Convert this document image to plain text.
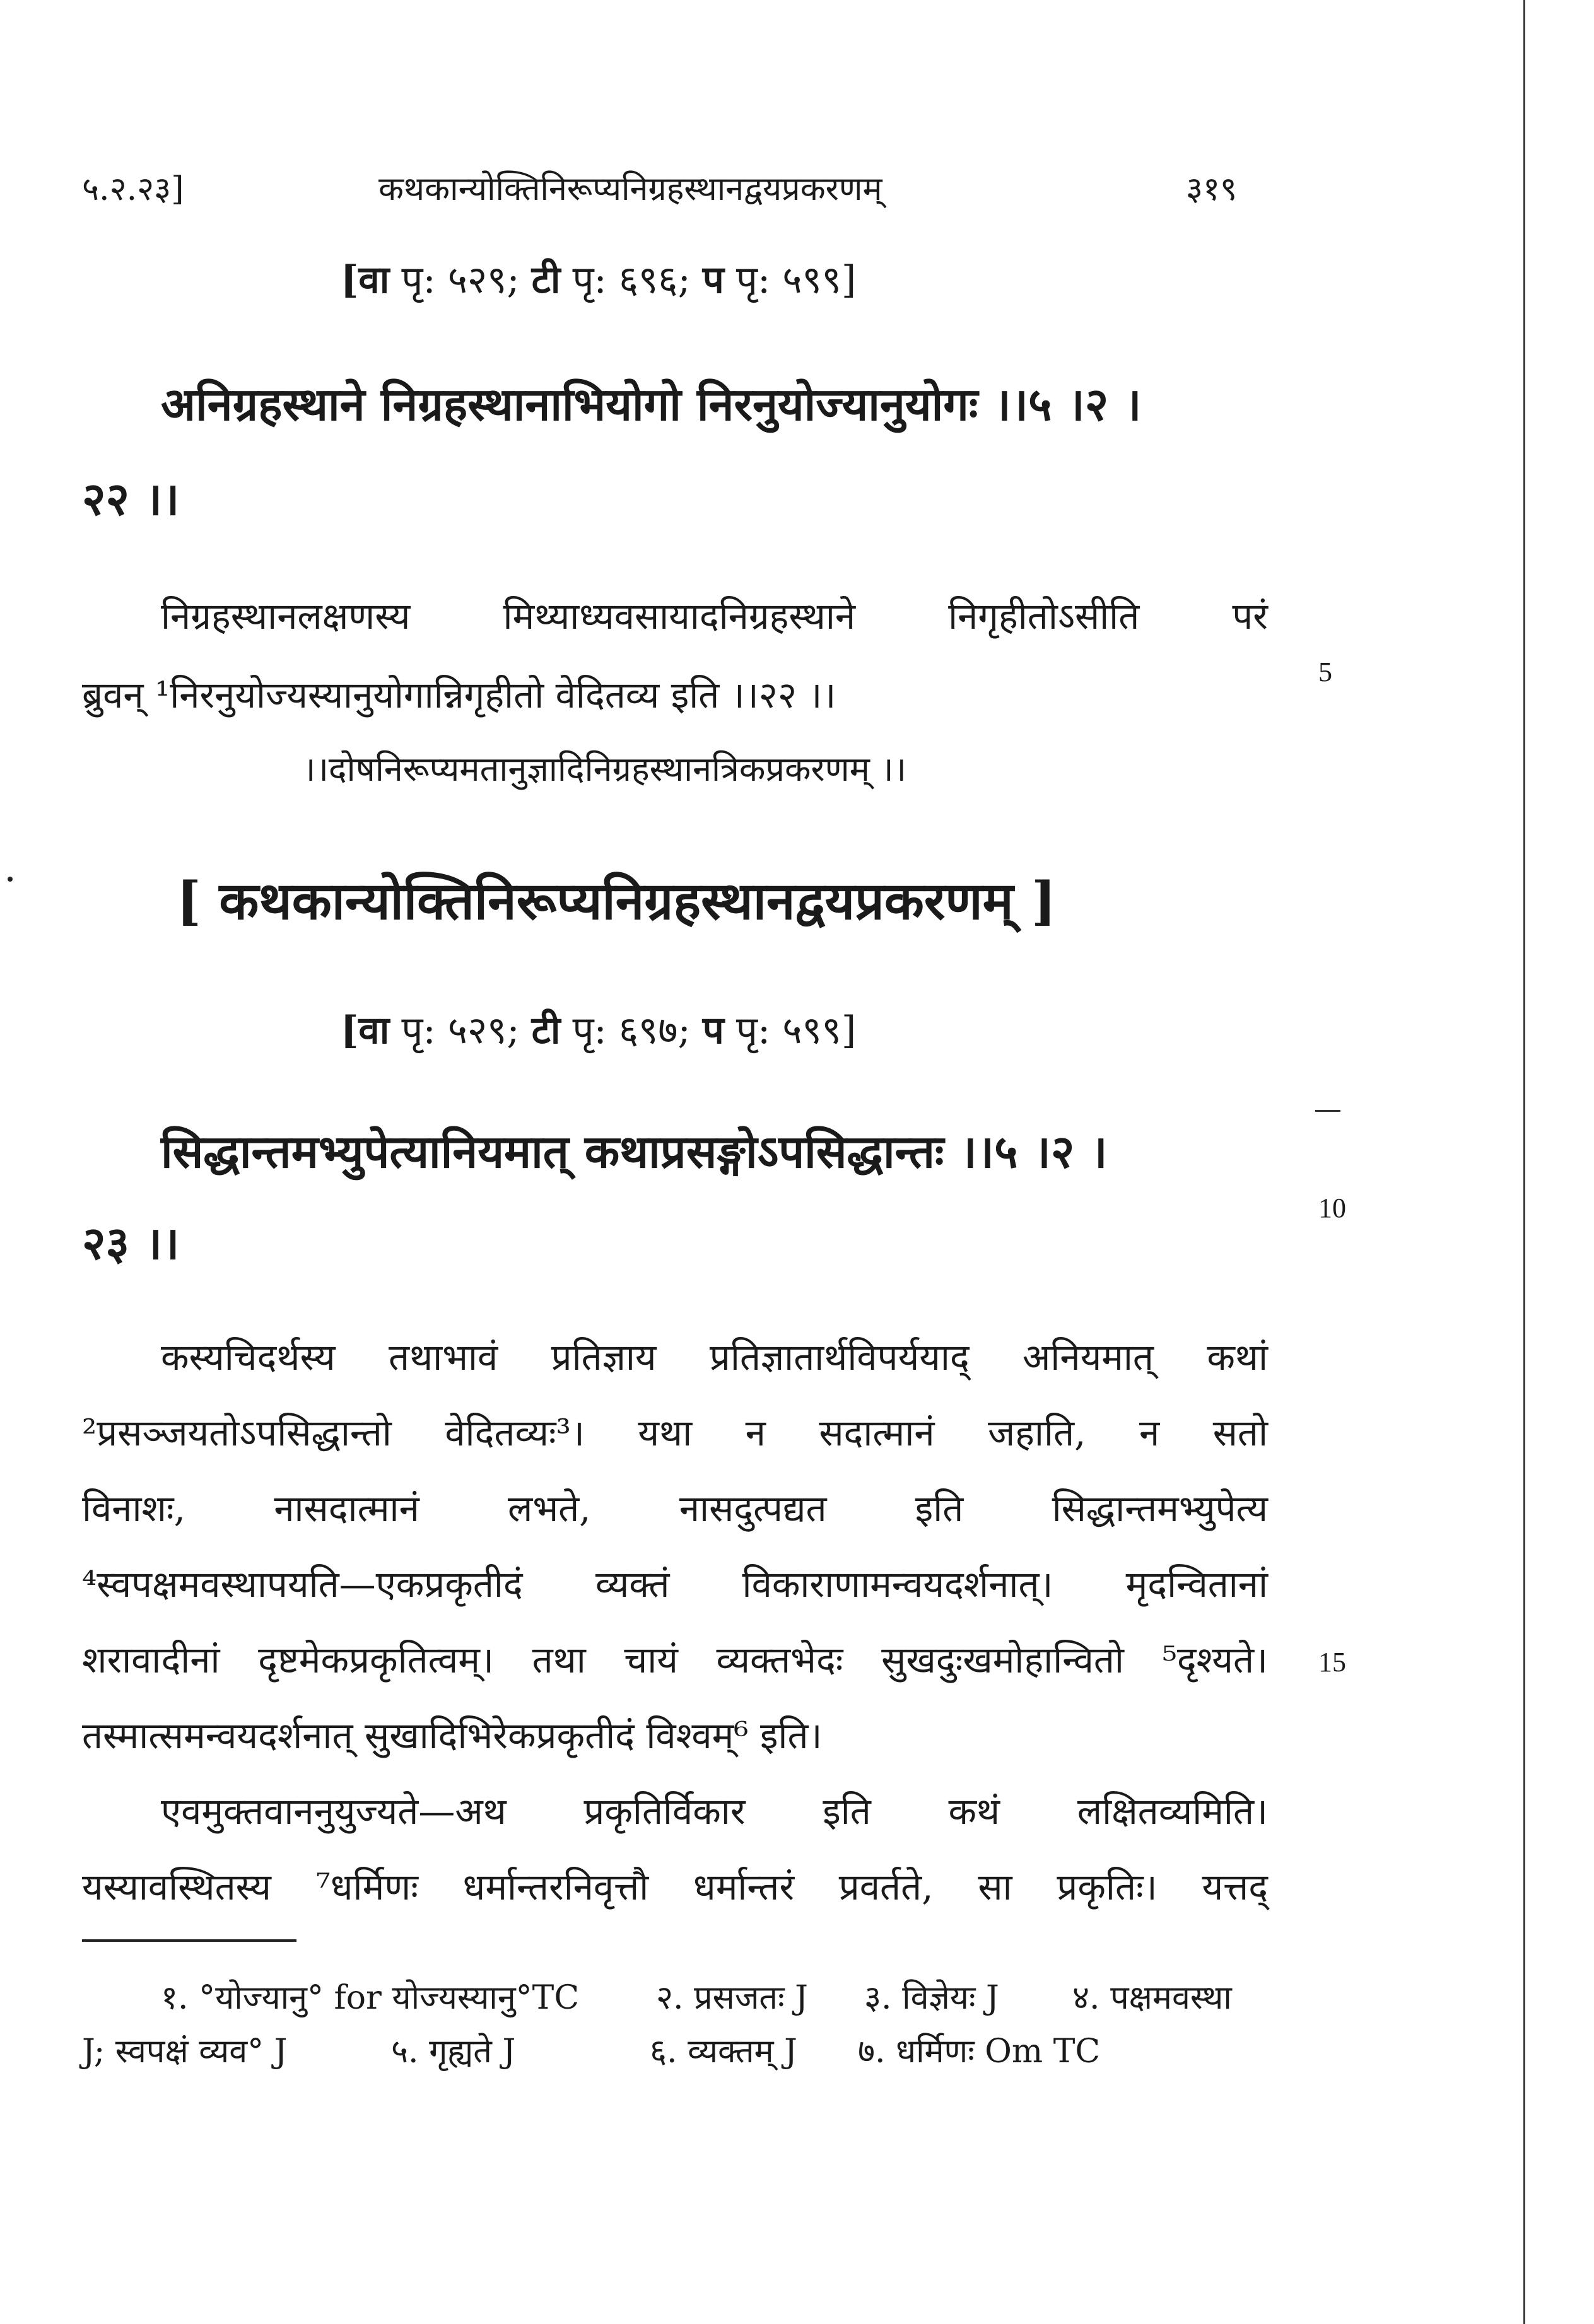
५.२.२३]	कथकान्योक्तिनिरूप्यनिग्रहस्थानद्वयप्रकरणम्	३१९
[वा पृ: ५२९; टी पृ: ६९६; प पृ: ५९९]
अनिग्रहस्थाने निग्रहस्थानाभियोगो निरनुयोज्यानुयोगः ।।५ ।२ ।
२२ ।।
निग्रहस्थानलक्षणस्य मिथ्याध्यवसायादनिग्रहस्थाने निगृहीतोऽसीति परं
ब्रुवन् ¹निरनुयोज्यस्यानुयोगान्निगृहीतो वेदितव्य इति ।।२२ ।।
5
।।दोषनिरूप्यमतानुज्ञादिनिग्रहस्थानत्रिकप्रकरणम् ।।
[ कथकान्योक्तिनिरूप्यनिग्रहस्थानद्वयप्रकरणम् ]
[वा पृ: ५२९; टी पृ: ६९७; प पृ: ५९९]
सिद्धान्तमभ्युपेत्यानियमात् कथाप्रसङ्गोऽपसिद्धान्तः ।।५ ।२ ।
२३ ।।
10
कस्यचिदर्थस्य तथाभावं प्रतिज्ञाय प्रतिज्ञातार्थविपर्ययाद् अनियमात् कथां
²प्रसञ्जयतोऽपसिद्धान्तो वेदितव्यः³। यथा न सदात्मानं जहाति, न सतो
विनाशः, नासदात्मानं लभते, नासदुत्पद्यत इति सिद्धान्तमभ्युपेत्य
⁴स्वपक्षमवस्थापयति—एकप्रकृतीदं व्यक्तं विकाराणामन्वयदर्शनात्। मृदन्वितानां
शरावादीनां दृष्टमेकप्रकृतित्वम्। तथा चायं व्यक्तभेदः सुखदुःखमोहान्वितो ⁵दृश्यते। 15
तस्मात्समन्वयदर्शनात् सुखादिभिरेकप्रकृतीदं विश्वम्⁶ इति।
एवमुक्तवाननुयुज्यते—अथ प्रकृतिर्विकार इति कथं लक्षितव्यमिति।
यस्यावस्थितस्य ⁷धर्मिणः धर्मान्तरनिवृत्तौ धर्मान्तरं प्रवर्तते, सा प्रकृतिः। यत्तद्
१. °योज्यानु° for योज्यस्यानु°TC २. प्रसजतः J ३. विज्ञेयः J ४. पक्षमवस्था
J; स्वपक्षं व्यव° J	५. गृह्यते J	६. व्यक्तम् J ७. धर्मिणः Om TC
